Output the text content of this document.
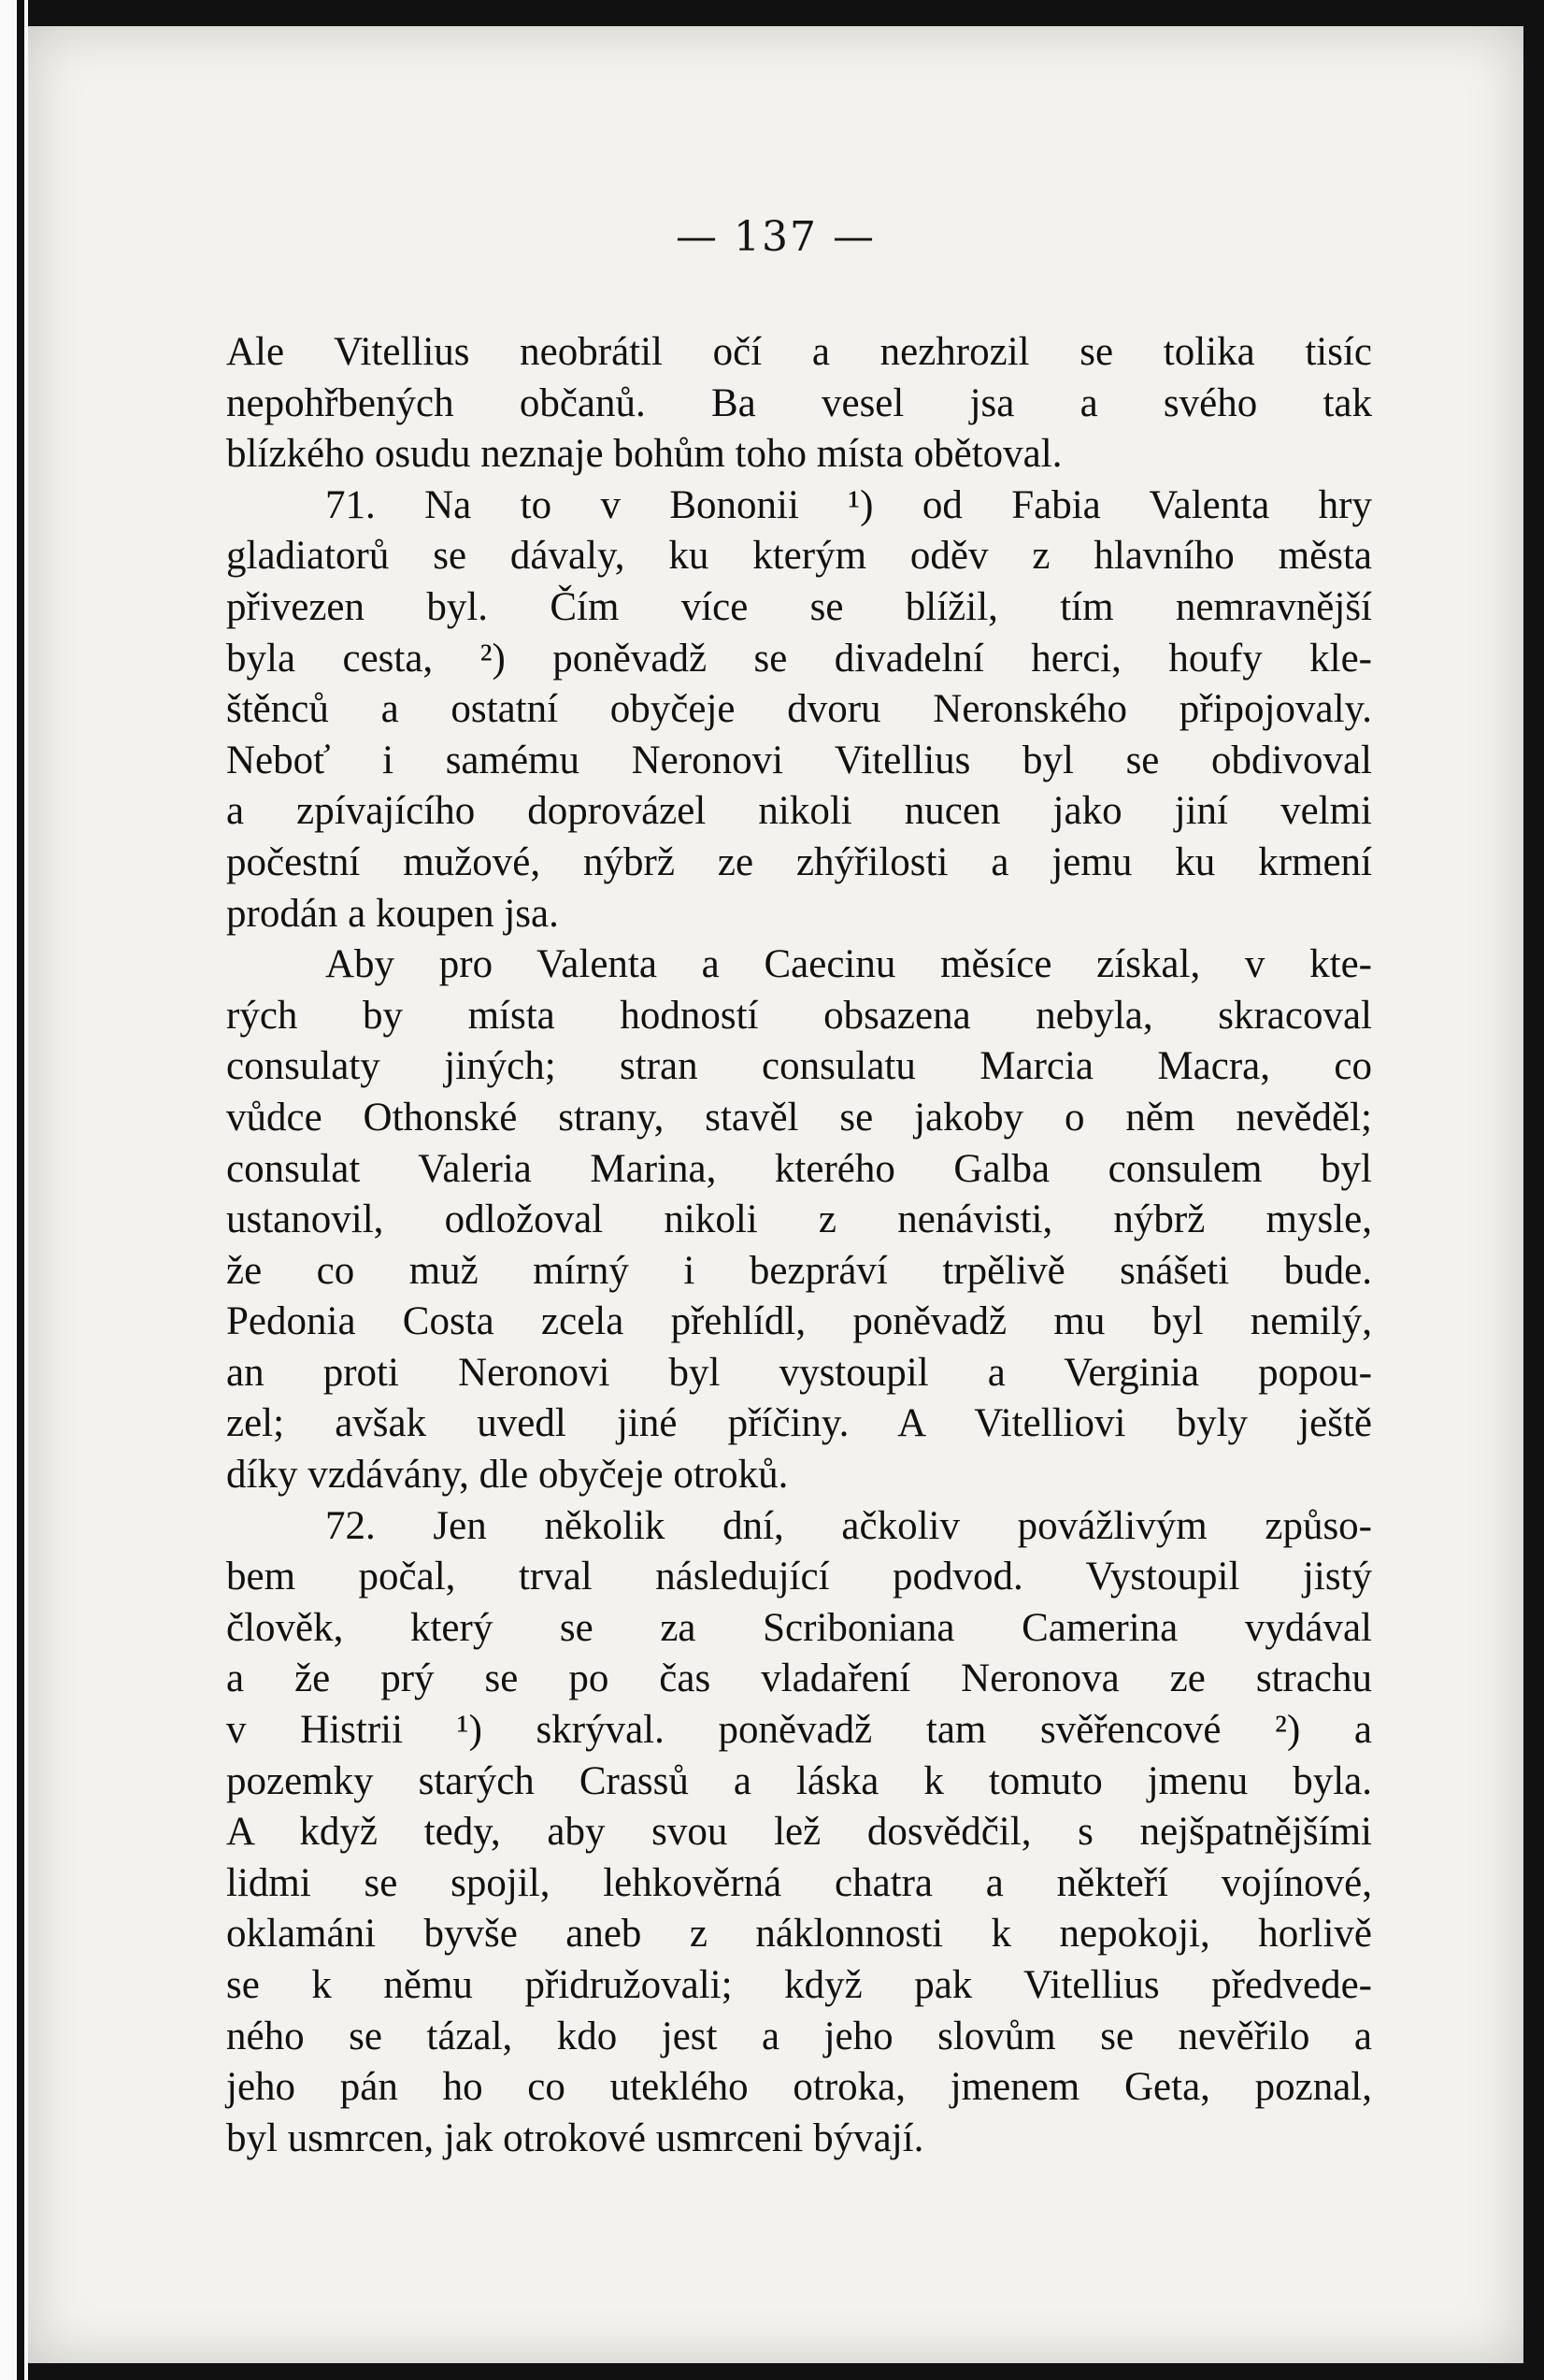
— 137 —
Ale Vitellius neobrátil očí a nezhrozil se tolika tisíc
nepohřbených občanů. Ba vesel jsa a svého tak
blízkého osudu neznaje bohům toho místa obětoval.
71. Na to v Bononii ¹) od Fabia Valenta hry
gladiatorů se dávaly, ku kterým oděv z hlavního města
přivezen byl. Čím více se blížil, tím nemravnější
byla cesta, ²) poněvadž se divadelní herci, houfy kle-
štěnců a ostatní obyčeje dvoru Neronského připojovaly.
Neboť i samému Neronovi Vitellius byl se obdivoval
a zpívajícího doprovázel nikoli nucen jako jiní velmi
počestní mužové, nýbrž ze zhýřilosti a jemu ku krmení
prodán a koupen jsa.
Aby pro Valenta a Caecinu měsíce získal, v kte-
rých by místa hodností obsazena nebyla, skracoval
consulaty jiných; stran consulatu Marcia Macra, co
vůdce Othonské strany, stavěl se jakoby o něm nevěděl;
consulat Valeria Marina, kterého Galba consulem byl
ustanovil, odložoval nikoli z nenávisti, nýbrž mysle,
že co muž mírný i bezpráví trpělivě snášeti bude.
Pedonia Costa zcela přehlídl, poněvadž mu byl nemilý,
an proti Neronovi byl vystoupil a Verginia popou-
zel; avšak uvedl jiné příčiny. A Vitelliovi byly ještě
díky vzdávány, dle obyčeje otroků.
72. Jen několik dní, ačkoliv povážlivým způso-
bem počal, trval následující podvod. Vystoupil jistý
člověk, který se za Scriboniana Camerina vydával
a že prý se po čas vladaření Neronova ze strachu
v Histrii ¹) skrýval. poněvadž tam svěřencové ²) a
pozemky starých Crassů a láska k tomuto jmenu byla.
A když tedy, aby svou lež dosvědčil, s nejšpatnějšími
lidmi se spojil, lehkověrná chatra a někteří vojínové,
oklamáni byvše aneb z náklonnosti k nepokoji, horlivě
se k němu přidružovali; když pak Vitellius předvede-
ného se tázal, kdo jest a jeho slovům se nevěřilo a
jeho pán ho co uteklého otroka, jmenem Geta, poznal,
byl usmrcen, jak otrokové usmrceni bývají.
